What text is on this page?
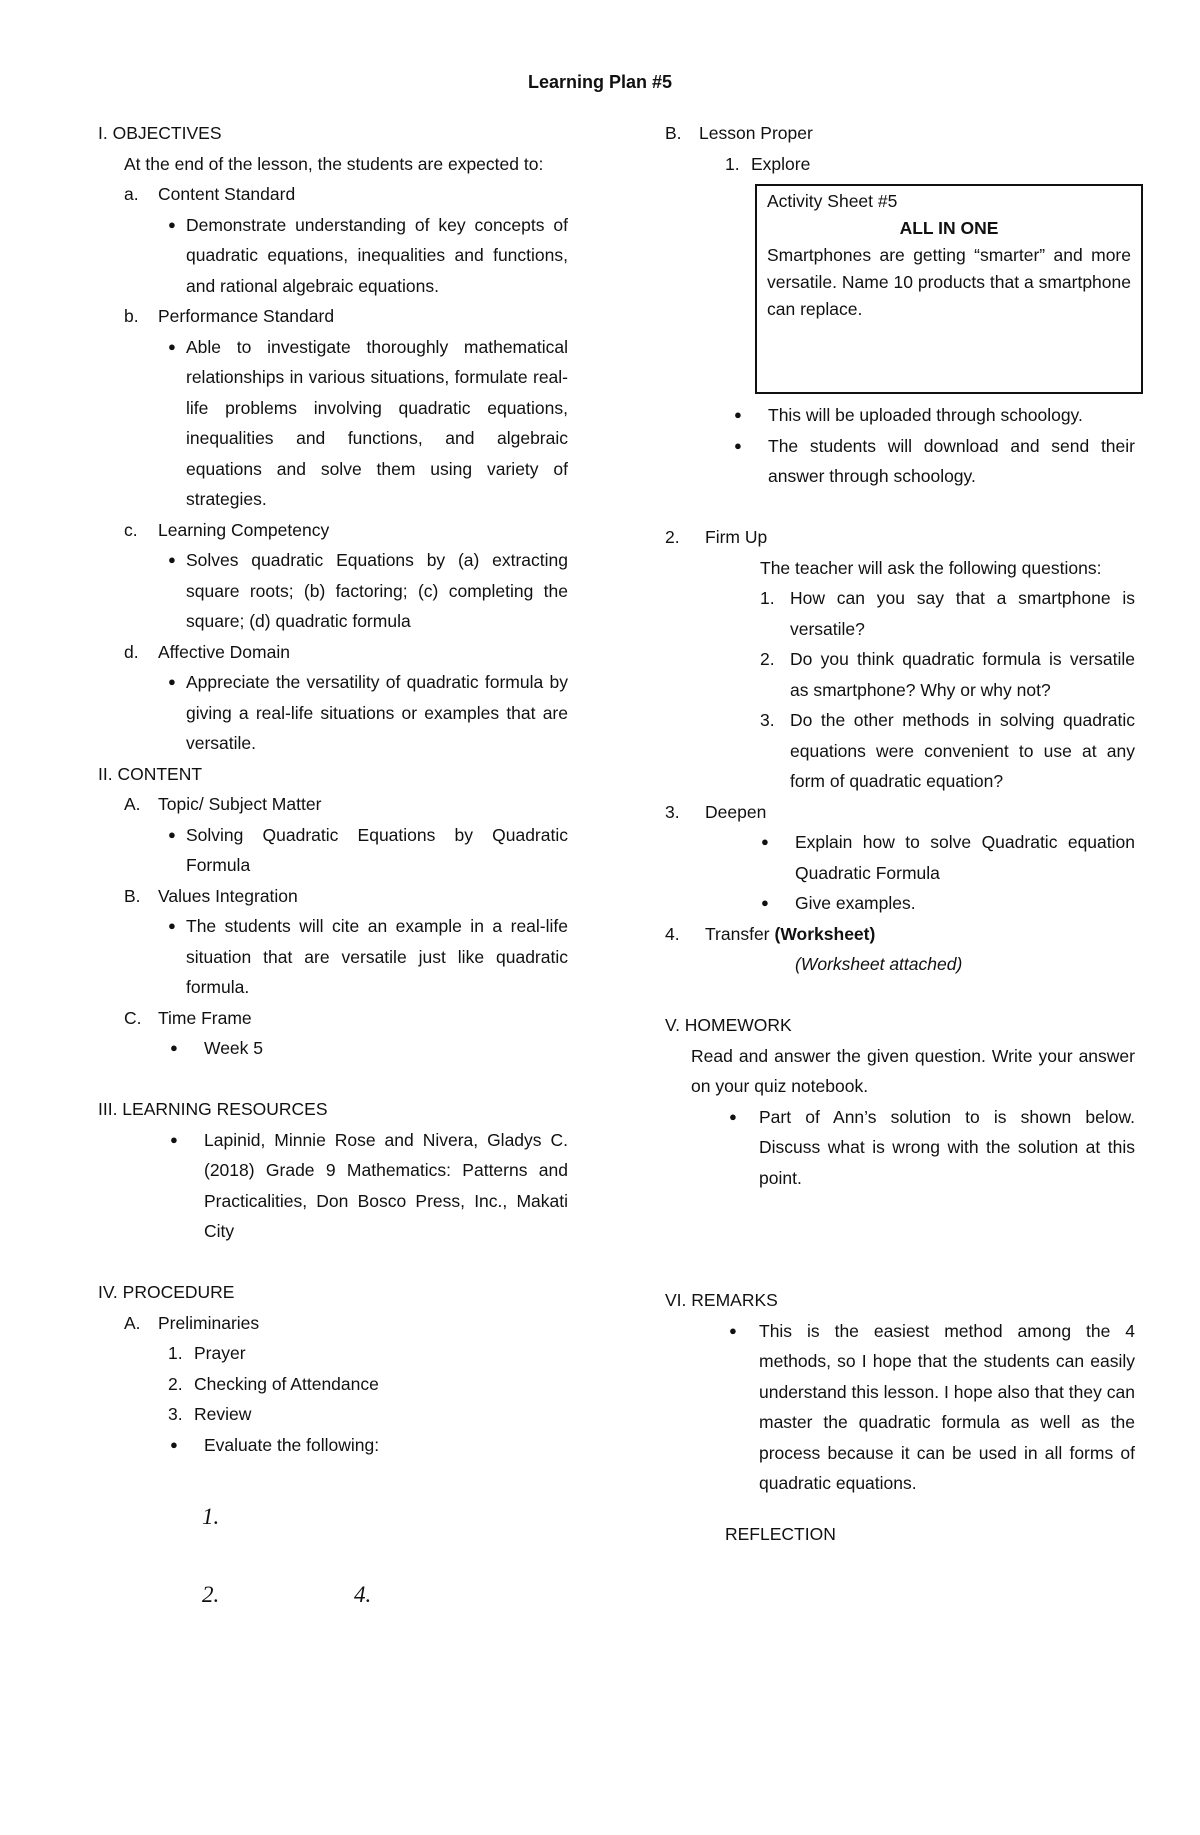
Learning Plan #5

I. OBJECTIVES

At the end of the lesson, the students are expected to:

a.	Content Standard
● Demonstrate understanding of key concepts of quadratic equations, inequalities and functions, and rational algebraic equations.
b.	Performance Standard
● Able to investigate thoroughly mathematical relationships in various situations, formulate real-life problems involving quadratic equations, inequalities and functions, and algebraic equations and solve them using variety of strategies.
c.	Learning Competency
● Solves quadratic Equations by (a) extracting square roots; (b) factoring; (c) completing the square; (d) quadratic formula
d.	Affective Domain
● Appreciate the versatility of quadratic formula by giving a real-life situations or examples that are versatile.

II. CONTENT

A. Topic/ Subject Matter
● Solving Quadratic Equations by Quadratic Formula
B. Values Integration
● The students will cite an example in a real-life situation that are versatile just like quadratic formula.
C. Time Frame
● Week 5

III. LEARNING RESOURCES

● Lapinid, Minnie Rose and Nivera, Gladys C. (2018) Grade 9 Mathematics: Patterns and Practicalities, Don Bosco Press, Inc., Makati City

IV. PROCEDURE

A. Preliminaries
1. Prayer
2. Checking of Attendance
3. Review
● Evaluate the following:
1.
2.	4.
B. Lesson Proper
1. Explore

Activity Sheet #5

ALL IN ONE

Smartphones are getting “smarter” and more versatile. Name 10 products that a smartphone can replace.

● This will be uploaded through schoology.
● The students will download and send their answer through schoology.
2.	Firm Up

The teacher will ask the following questions:

1. How can you say that a smartphone is versatile?
2. Do you think quadratic formula is versatile as smartphone? Why or why not?
3. Do the other methods in solving quadratic equations were convenient to use at any form of quadratic equation?
3.	Deepen
● Explain how to solve Quadratic equation Quadratic Formula
● Give examples.
4.	Transfer (Worksheet)

(Worksheet attached)

V. HOMEWORK

Read and answer the given question. Write your answer on your quiz notebook.

● Part of Ann’s solution to is shown below. Discuss what is wrong with the solution at this point.

VI. REMARKS

● This is the easiest method among the 4 methods, so I hope that the students can easily understand this lesson. I hope also that they can master the quadratic formula as well as the process because it can be used in all forms of quadratic equations.

REFLECTION
